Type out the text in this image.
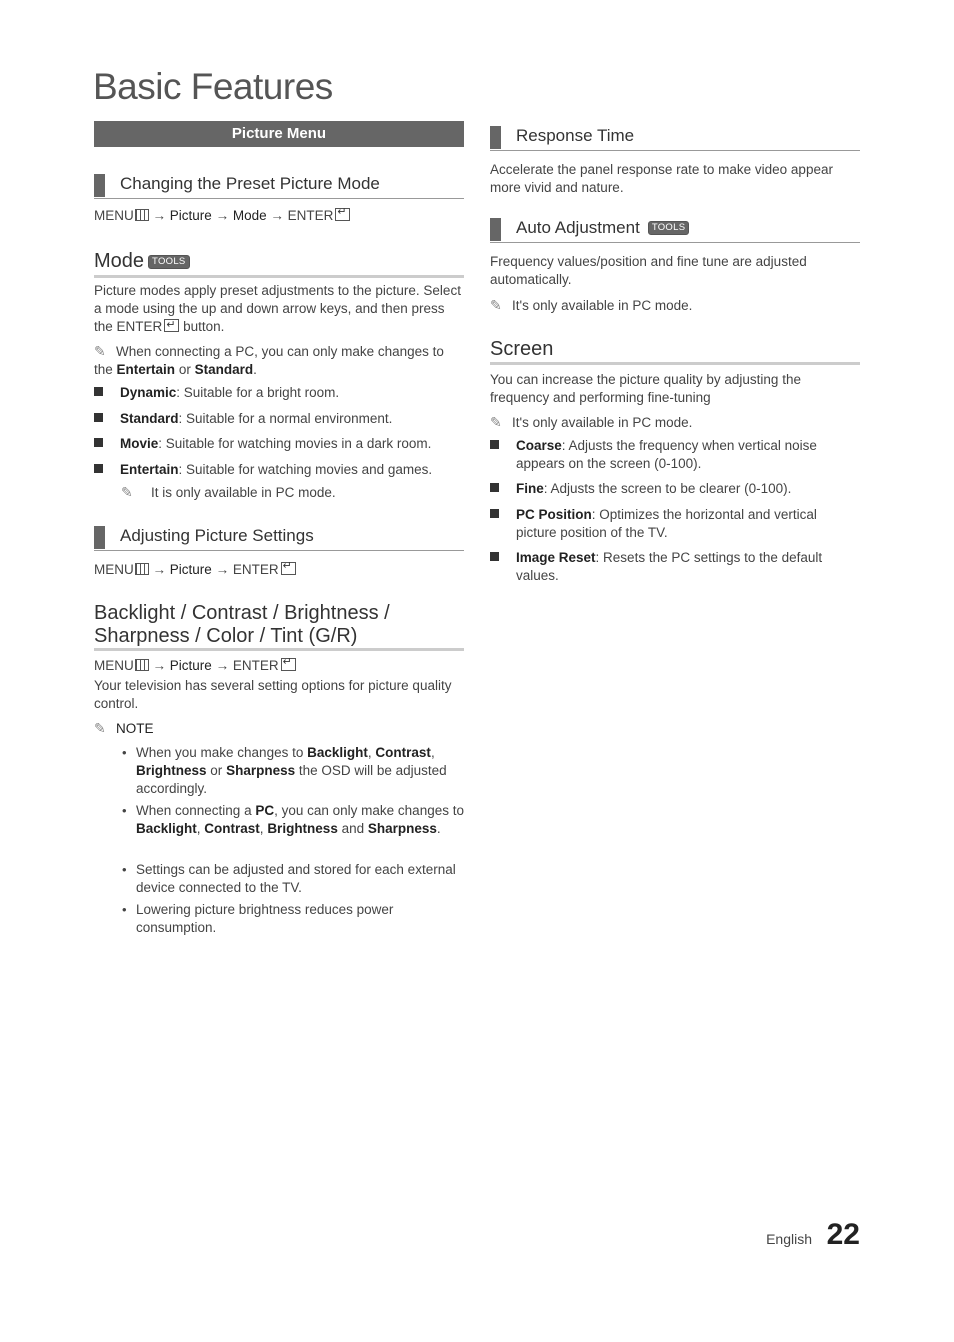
Basic Features
Picture Menu
Changing the Preset Picture Mode
MENU → Picture → Mode → ENTER↵
Mode TOOLS
Picture modes apply preset adjustments to the picture. Select a mode using the up and down arrow keys, and then press the ENTER↵ button.
✎ When connecting a PC, you can only make changes to the Entertain or Standard.
Dynamic: Suitable for a bright room.
Standard: Suitable for a normal environment.
Movie: Suitable for watching movies in a dark room.
Entertain: Suitable for watching movies and games.
✎ It is only available in PC mode.
Adjusting Picture Settings
MENU → Picture → ENTER↵
Backlight / Contrast / Brightness /
Sharpness / Color / Tint (G/R)
MENU → Picture → ENTER↵
Your television has several setting options for picture quality control.
✎ NOTE
• When you make changes to Backlight, Contrast, Brightness or Sharpness the OSD will be adjusted accordingly.
• When connecting a PC, you can only make changes to Backlight, Contrast, Brightness and Sharpness.
• Settings can be adjusted and stored for each external device connected to the TV.
• Lowering picture brightness reduces power consumption.
Response Time
Accelerate the panel response rate to make video appear more vivid and nature.
Auto Adjustment TOOLS
Frequency values/position and fine tune are adjusted automatically.
✎ It's only available in PC mode.
Screen
You can increase the picture quality by adjusting the frequency and performing fine-tuning
✎ It's only available in PC mode.
Coarse: Adjusts the frequency when vertical noise appears on the screen (0-100).
Fine: Adjusts the screen to be clearer (0-100).
PC Position: Optimizes the horizontal and vertical picture position of the TV.
Image Reset: Resets the PC settings to the default values.
English 22
